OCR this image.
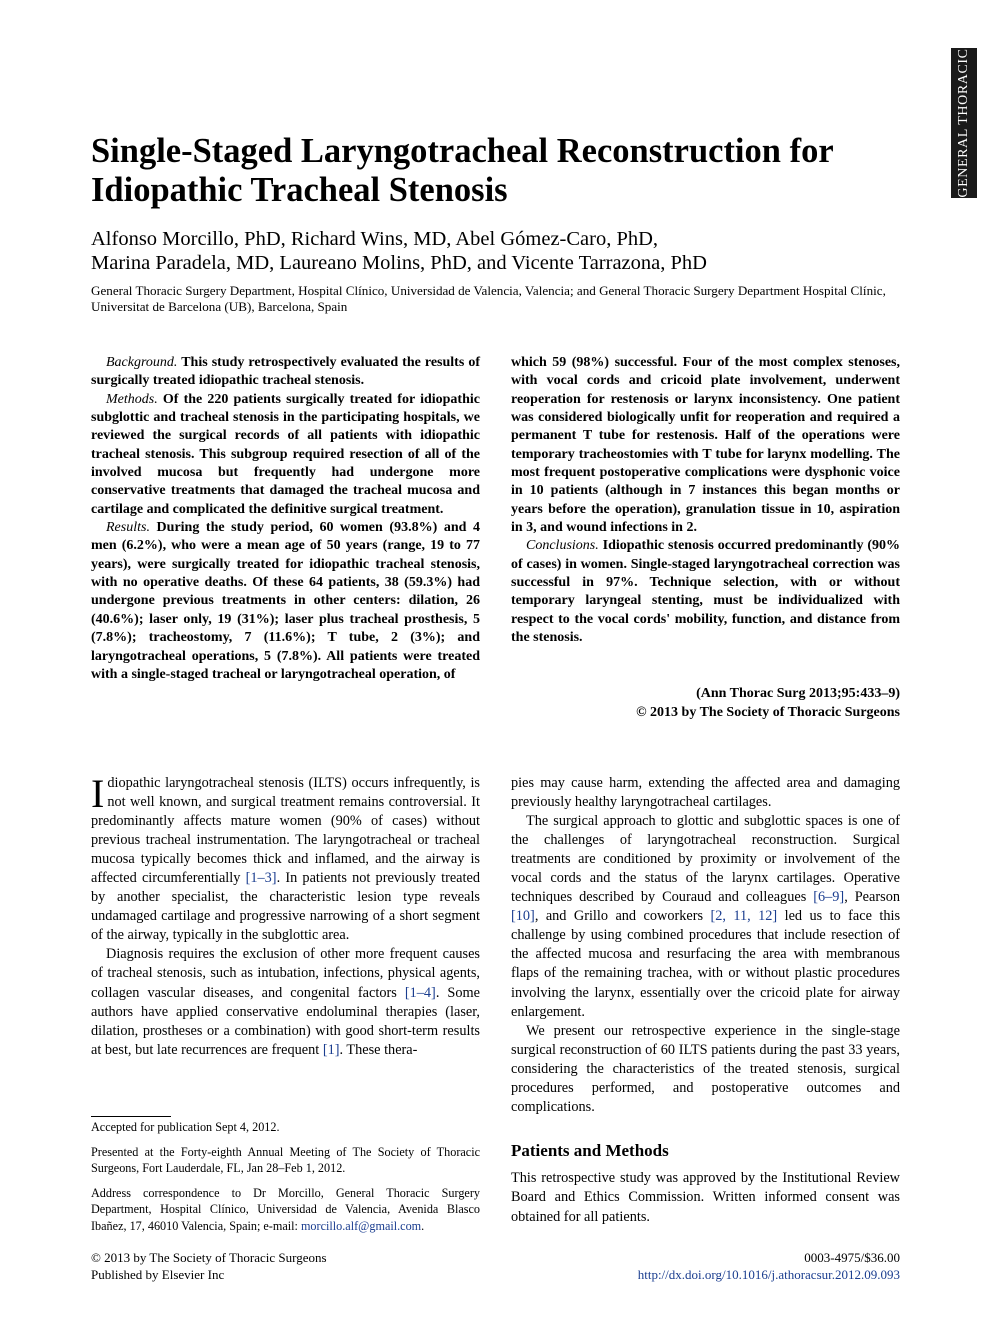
GENERAL THORACIC
Single-Staged Laryngotracheal Reconstruction for Idiopathic Tracheal Stenosis
Alfonso Morcillo, PhD, Richard Wins, MD, Abel Gómez-Caro, PhD,
Marina Paradela, MD, Laureano Molins, PhD, and Vicente Tarrazona, PhD

General Thoracic Surgery Department, Hospital Clínico, Universidad de Valencia, Valencia; and General Thoracic Surgery Department Hospital Clínic, Universitat de Barcelona (UB), Barcelona, Spain

Background. This study retrospectively evaluated the results of surgically treated idiopathic tracheal stenosis.

Methods. Of the 220 patients surgically treated for idiopathic subglottic and tracheal stenosis in the participating hospitals, we reviewed the surgical records of all patients with idiopathic tracheal stenosis. This subgroup required resection of all of the involved mucosa but frequently had undergone more conservative treatments that damaged the tracheal mucosa and cartilage and complicated the definitive surgical treatment.

Results. During the study period, 60 women (93.8%) and 4 men (6.2%), who were a mean age of 50 years (range, 19 to 77 years), were surgically treated for idiopathic tracheal stenosis, with no operative deaths. Of these 64 patients, 38 (59.3%) had undergone previous treatments in other centers: dilation, 26 (40.6%); laser only, 19 (31%); laser plus tracheal prosthesis, 5 (7.8%); tracheostomy, 7 (11.6%); T tube, 2 (3%); and laryngotracheal operations, 5 (7.8%). All patients were treated with a single-staged tracheal or laryngotracheal operation, of

which 59 (98%) successful. Four of the most complex stenoses, with vocal cords and cricoid plate involvement, underwent reoperation for restenosis or larynx inconsistency. One patient was considered biologically unfit for reoperation and required a permanent T tube for restenosis. Half of the operations were temporary tracheostomies with T tube for larynx modelling. The most frequent postoperative complications were dysphonic voice in 10 patients (although in 7 instances this began months or years before the operation), granulation tissue in 10, aspiration in 3, and wound infections in 2.

Conclusions. Idiopathic stenosis occurred predominantly (90% of cases) in women. Single-staged laryngotracheal correction was successful in 97%. Technique selection, with or without temporary laryngeal stenting, must be individualized with respect to the vocal cords' mobility, function, and distance from the stenosis.

(Ann Thorac Surg 2013;95:433–9)
© 2013 by The Society of Thoracic Surgeons

Idiopathic laryngotracheal stenosis (ILTS) occurs infrequently, is not well known, and surgical treatment remains controversial. It predominantly affects mature women (90% of cases) without previous tracheal instrumentation. The laryngotracheal or tracheal mucosa typically becomes thick and inflamed, and the airway is affected circumferentially [1–3]. In patients not previously treated by another specialist, the characteristic lesion type reveals undamaged cartilage and progressive narrowing of a short segment of the airway, typically in the subglottic area.

Diagnosis requires the exclusion of other more frequent causes of tracheal stenosis, such as intubation, infections, physical agents, collagen vascular diseases, and congenital factors [1–4]. Some authors have applied conservative endoluminal therapies (laser, dilation, prostheses or a combination) with good short-term results at best, but late recurrences are frequent [1]. These thera-

pies may cause harm, extending the affected area and damaging previously healthy laryngotracheal cartilages.

The surgical approach to glottic and subglottic spaces is one of the challenges of laryngotracheal reconstruction. Surgical treatments are conditioned by proximity or involvement of the vocal cords and the status of the larynx cartilages. Operative techniques described by Couraud and colleagues [6–9], Pearson [10], and Grillo and coworkers [2, 11, 12] led us to face this challenge by using combined procedures that include resection of the affected mucosa and resurfacing the area with membranous flaps of the remaining trachea, with or without plastic procedures involving the larynx, essentially over the cricoid plate for airway enlargement.

We present our retrospective experience in the single-stage surgical reconstruction of 60 ILTS patients during the past 33 years, considering the characteristics of the treated stenosis, surgical procedures performed, and postoperative outcomes and complications.

Patients and Methods

This retrospective study was approved by the Institutional Review Board and Ethics Commission. Written informed consent was obtained for all patients.

Accepted for publication Sept 4, 2012.

Presented at the Forty-eighth Annual Meeting of The Society of Thoracic Surgeons, Fort Lauderdale, FL, Jan 28–Feb 1, 2012.

Address correspondence to Dr Morcillo, General Thoracic Surgery Department, Hospital Clínico, Universidad de Valencia, Avenida Blasco Ibañez, 17, 46010 Valencia, Spain; e-mail: morcillo.alf@gmail.com.

© 2013 by The Society of Thoracic Surgeons
Published by Elsevier Inc
0003-4975/$36.00
http://dx.doi.org/10.1016/j.athoracsur.2012.09.093
